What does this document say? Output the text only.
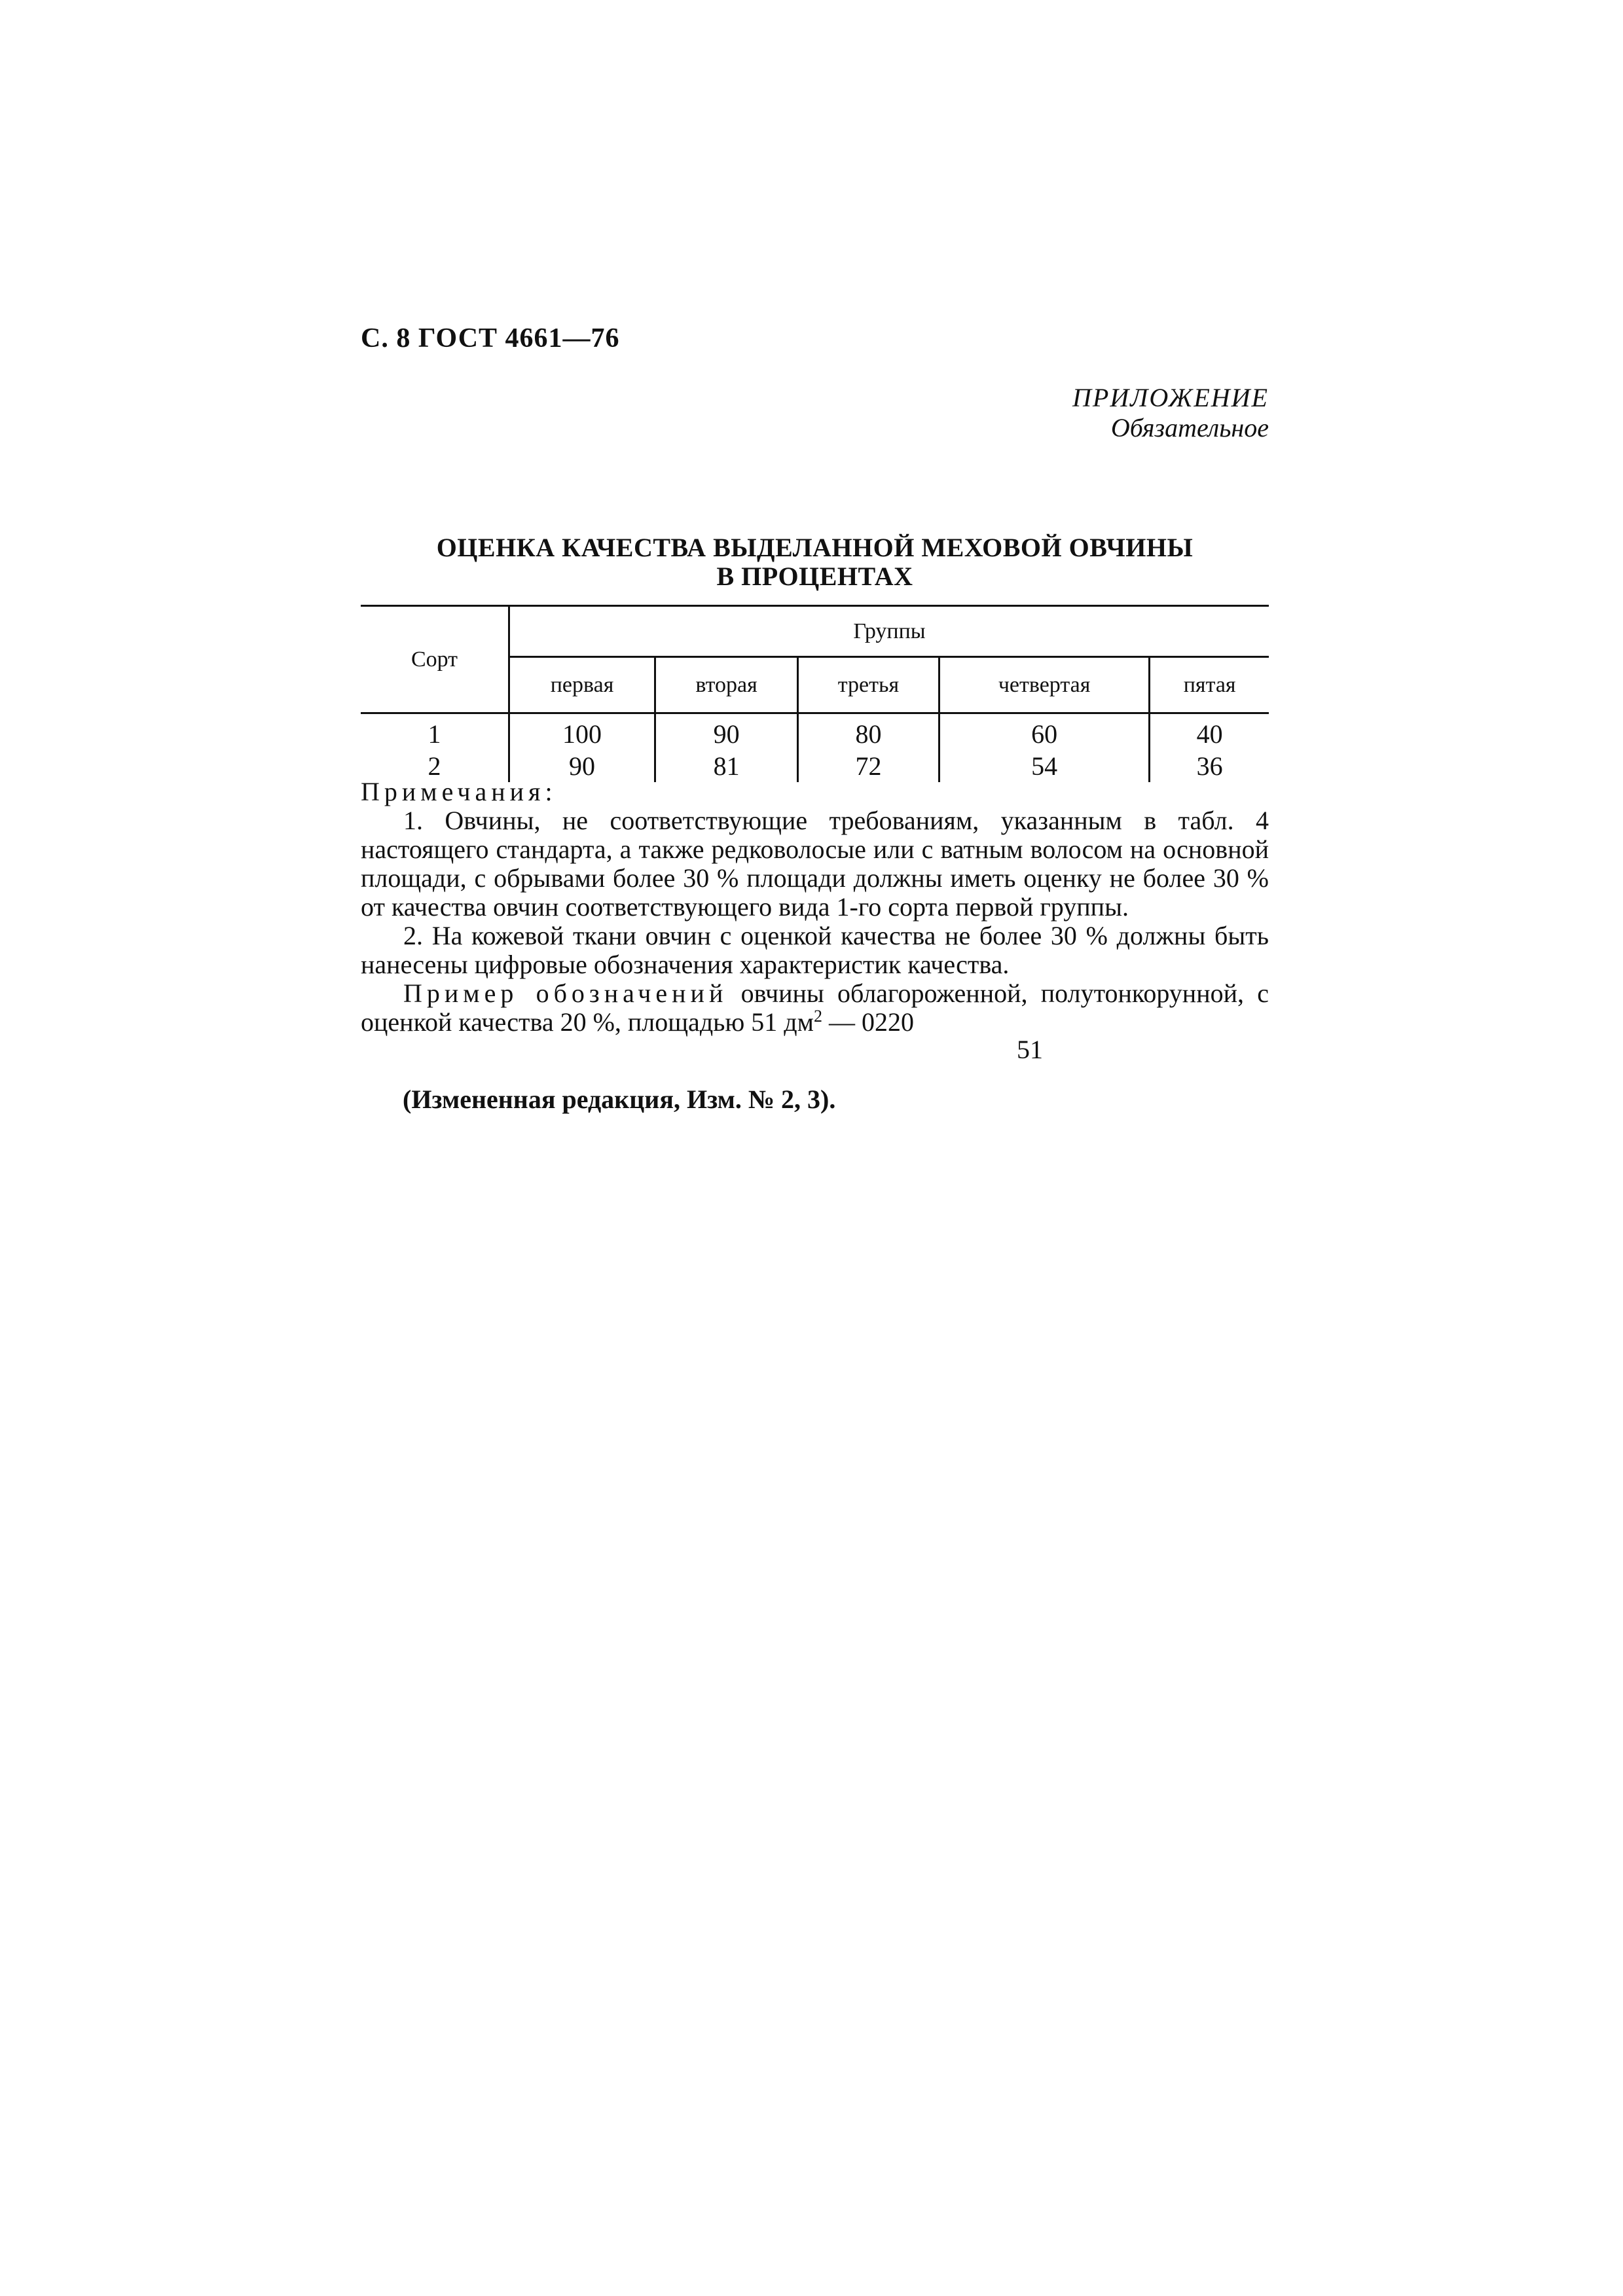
С. 8 ГОСТ 4661—76
ПРИЛОЖЕНИЕ
Обязательное
ОЦЕНКА КАЧЕСТВА ВЫДЕЛАННОЙ МЕХОВОЙ ОВЧИНЫ
В ПРОЦЕНТАХ
Сорт	Группы				
	первая	вторая	третья	четвертая	пятая
1	100	90	80	60	40
2	90	81	72	54	36

Примечания:

1. Овчины, не соответствующие требованиям, указанным в табл. 4 настоящего стандарта, а также редковолосые или с ватным волосом на основной площади, с обрывами более 30 % площади должны иметь оценку не более 30 % от качества овчин соответствующего вида 1-го сорта первой группы.

2. На кожевой ткани овчин с оценкой качества не более 30 % должны быть нанесены цифровые обозначения характеристик качества.

Пример обозначений овчины облагороженной, полутонкорунной, с оценкой качества 20 %, площадью 51 $дм^2$ — 0220

51

(Измененная редакция, Изм. № 2, 3).
